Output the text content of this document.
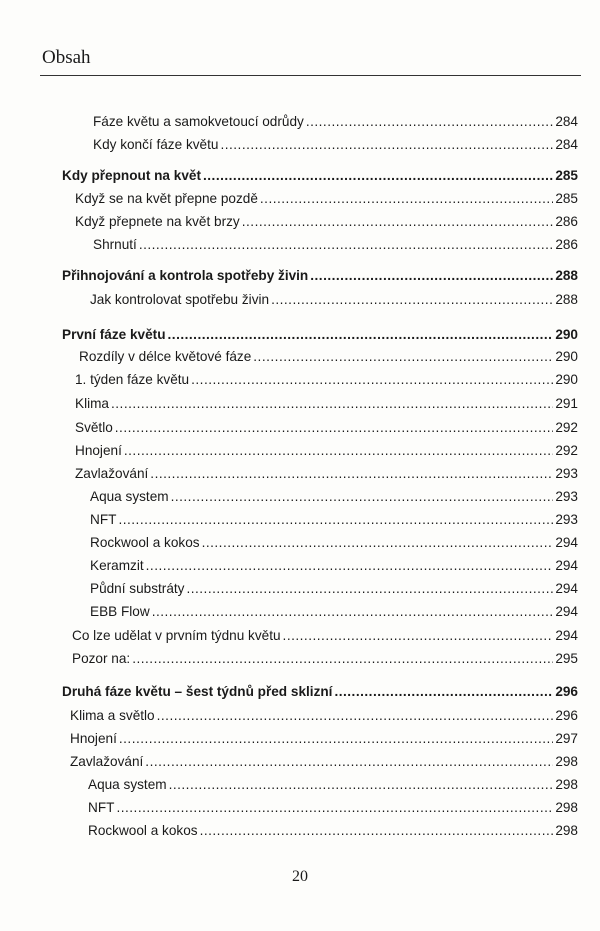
Obsah
Fáze květu a samokvetoucí odrůdy .....	284
Kdy končí fáze květu .....	284
Kdy přepnout na květ .....	285
Když se na květ přepne pozdě .....	285
Když přepnete na květ brzy .....	286
Shrnutí .....	286
Přihnojování a kontrola spotřeby živin .....	288
Jak kontrolovat spotřebu živin .....	288
První fáze květu .....	290
Rozdíly v délce květové fáze .....	290
1. týden fáze květu .....	290
Klima .....	291
Světlo .....	292
Hnojení .....	292
Zavlažování .....	293
Aqua system .....	293
NFT .....	293
Rockwool a kokos .....	294
Keramzit .....	294
Půdní substráty .....	294
EBB Flow .....	294
Co lze udělat v prvním týdnu květu .....	294
Pozor na: .....	295
Druhá fáze květu – šest týdnů před sklizní .....	296
Klima a světlo .....	296
Hnojení .....	297
Zavlažování .....	298
Aqua system .....	298
NFT .....	298
Rockwool a kokos .....	298
20
